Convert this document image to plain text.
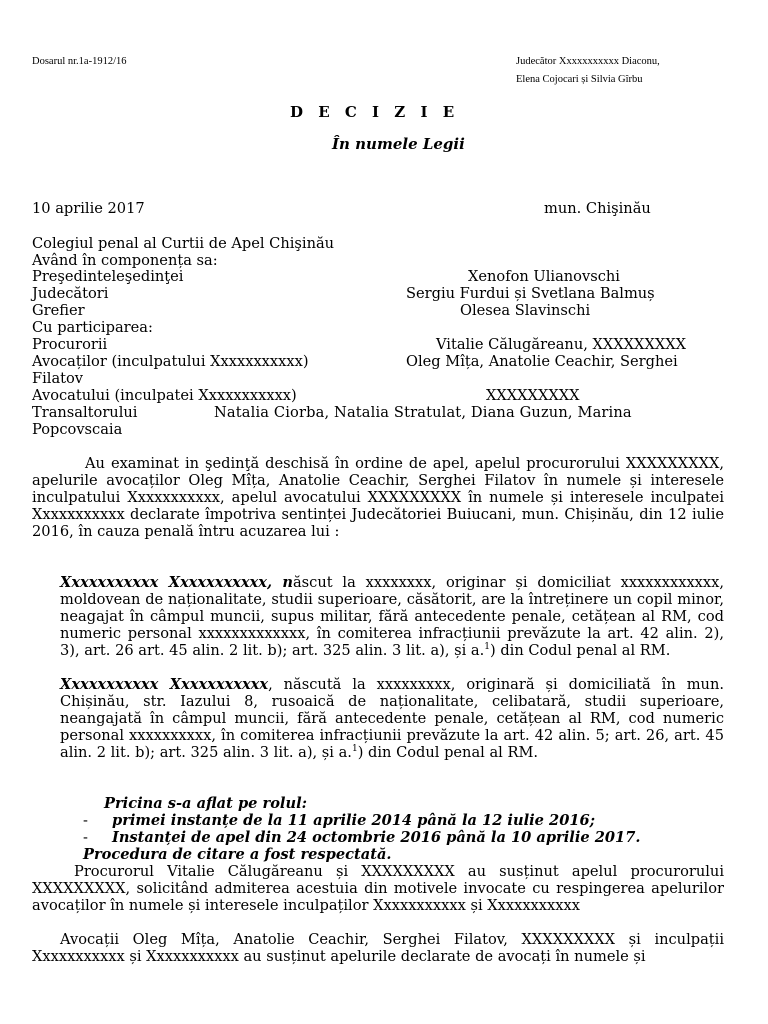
Dosarul nr.1a-1912/16	Judecător Xxxxxxxxxxx Diaconu,
Elena Cojocari și Silvia Gîrbu
D E C I Z I E
În numele Legii
10 aprilie 2017	mun. Chişinău
Colegiul penal al Curtii de Apel Chişinău
Având în componența sa:
Preşedinteleşedinţei	Xenofon Ulianovschi
Judecători	Sergiu Furdui și Svetlana Balmuș
Grefier	Olesea Slavinschi
Cu participarea:
Procurorii	Vitalie Călugăreanu, XXXXXXXXX
Avocaților (inculpatului Xxxxxxxxxxx)	Oleg Mîța, Anatolie Ceachir, Serghei
Filatov
Avocatului (inculpatei Xxxxxxxxxxx)	XXXXXXXXX
Transaltorului	Natalia Ciorba, Natalia Stratulat, Diana Guzun, Marina
Popcovscaia
Au examinat in şedinţă deschisă în ordine de apel, apelul procurorului XXXXXXXXX, apelurile avocaților Oleg Mîța, Anatolie Ceachir, Serghei Filatov în numele și interesele inculpatului Xxxxxxxxxxx, apelul avocatului XXXXXXXXX în numele și interesele inculpatei Xxxxxxxxxxx declarate împotriva sentinței Judecătoriei Buiucani, mun. Chișinău, din 12 iulie 2016, în cauza penală întru acuzarea lui :
Xxxxxxxxxxx Xxxxxxxxxxx, născut la xxxxxxxx, originar și domiciliat xxxxxxxxxxxx, moldovean de naționalitate, studii superioare, căsătorit, are la întreținere un copil minor, neagajat în câmpul muncii, supus militar, fără antecedente penale, cetățean al RM, cod numeric personal xxxxxxxxxxxxx, în comiterea infracțiunii prevăzute la art. 42 alin. 2), 3), art. 26 art. 45 alin. 2 lit. b); art. 325 alin. 3 lit. a), și a.$^1$) din Codul penal al RM.
Xxxxxxxxxxx Xxxxxxxxxxx, născută la xxxxxxxxx, originară și domiciliată în mun. Chișinău, str. Iazului 8, rusoaică de naționalitate, celibatară, studii superioare, neangajată în câmpul muncii, fără antecedente penale, cetățean al RM, cod numeric personal xxxxxxxxxx, în comiterea infracțiunii prevăzute la art. 42 alin. 5; art. 26, art. 45 alin. 2 lit. b); art. 325 alin. 3 lit. a), și a.$^1$) din Codul penal al RM.
Pricina s-a aflat pe rolul:
- primei instanțe de la 11 aprilie 2014 până la 12 iulie 2016;
- Instanței de apel din 24 octombrie 2016 până la 10 aprilie 2017.
Procedura de citare a fost respectată.
Procurorul Vitalie Călugăreanu și XXXXXXXXX au susținut apelul procurorului XXXXXXXXX, solicitând admiterea acestuia din motivele invocate cu respingerea apelurilor avocaților în numele și interesele inculpaților Xxxxxxxxxxx și Xxxxxxxxxxx
Avocații Oleg Mîța, Anatolie Ceachir, Serghei Filatov, XXXXXXXXX și inculpații Xxxxxxxxxxx și Xxxxxxxxxxx au susținut apelurile declarate de avocați în numele și
